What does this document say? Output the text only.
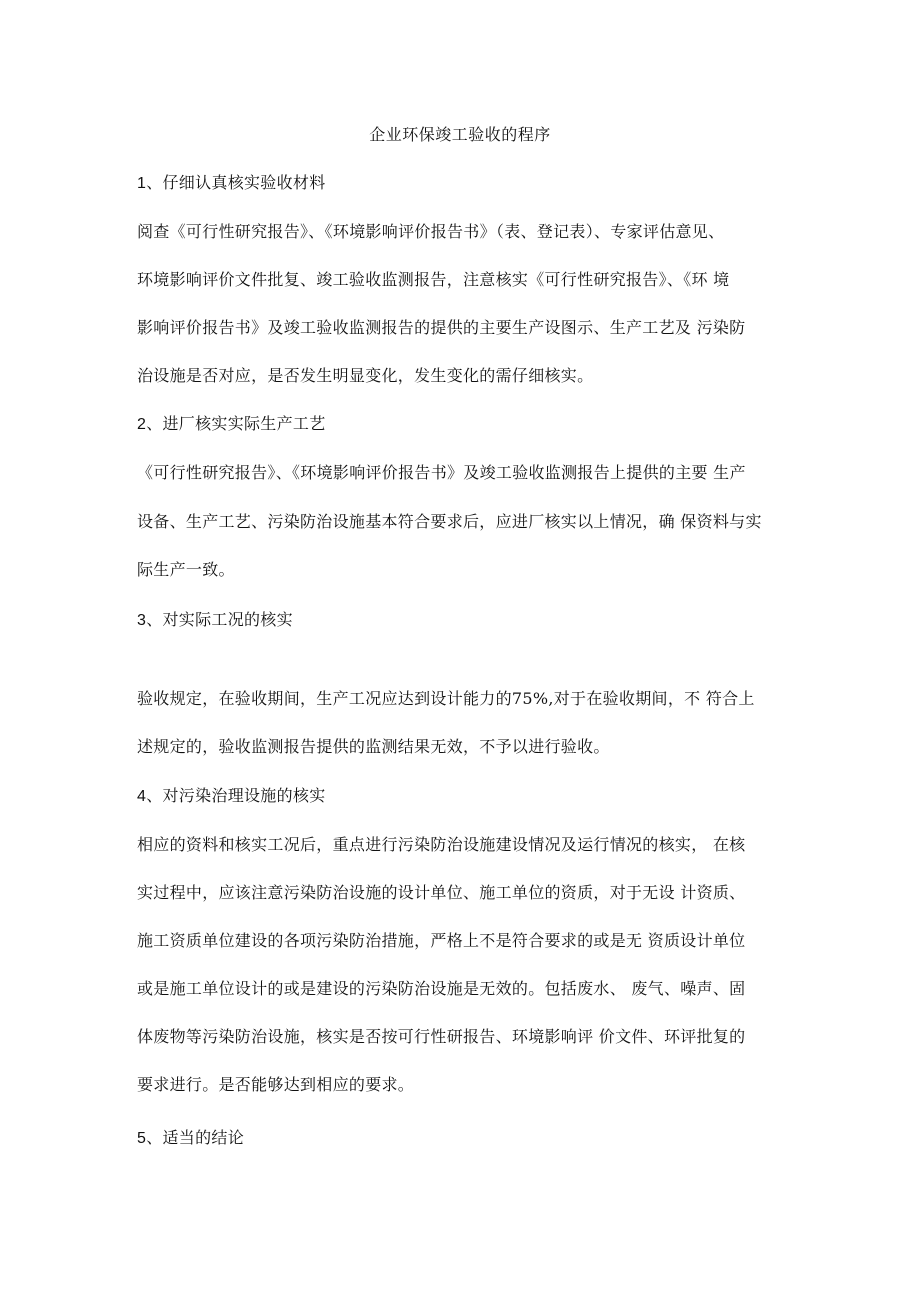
企业环保竣工验收的程序
1、仔细认真核实验收材料
阅查《可行性研究报告》、《环境影响评价报告书》（表、登记表）、专家评估意见、
环境影响评价文件批复、竣工验收监测报告，注意核实《可行性研究报告》、《环 境
影响评价报告书》及竣工验收监测报告的提供的主要生产设图示、生产工艺及 污染防
治设施是否对应，是否发生明显变化，发生变化的需仔细核实。
2、进厂核实实际生产工艺
《可行性研究报告》、《环境影响评价报告书》及竣工验收监测报告上提供的主要 生产
设备、生产工艺、污染防治设施基本符合要求后，应进厂核实以上情况，确 保资料与实
际生产一致。
3、对实际工况的核实
验收规定，在验收期间，生产工况应达到设计能力的75%,对于在验收期间，不 符合上
述规定的，验收监测报告提供的监测结果无效，不予以进行验收。
4、对污染治理设施的核实
相应的资料和核实工况后，重点进行污染防治设施建设情况及运行情况的核实， 在核
实过程中，应该注意污染防治设施的设计单位、施工单位的资质，对于无设 计资质、
施工资质单位建设的各项污染防治措施，严格上不是符合要求的或是无 资质设计单位
或是施工单位设计的或是建设的污染防治设施是无效的。包括废水、 废气、噪声、固
体废物等污染防治设施，核实是否按可行性研报告、环境影响评 价文件、环评批复的
要求进行。是否能够达到相应的要求。
5、适当的结论
